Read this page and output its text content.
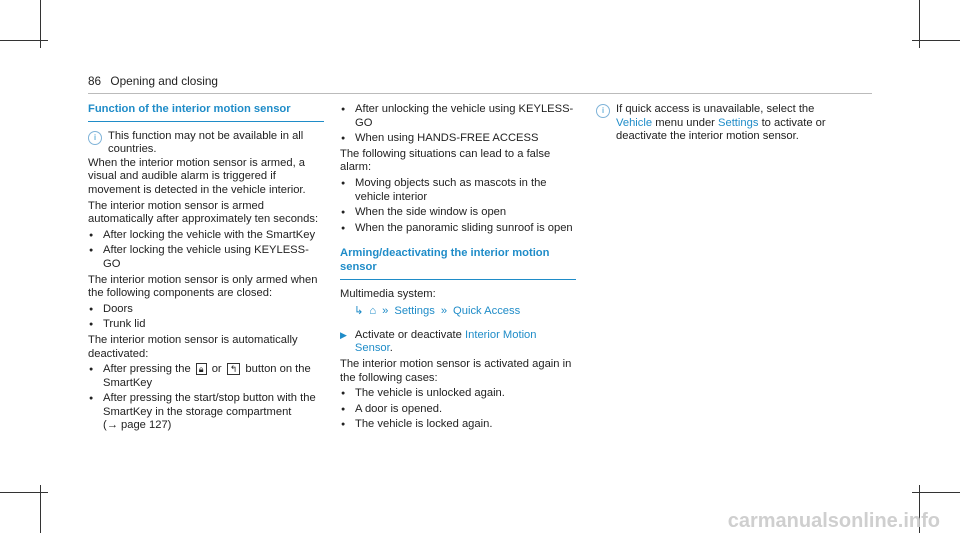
86 Opening and closing
Function of the interior motion sensor
i	This function may not be available in all countries.

When the interior motion sensor is armed, a visual and audible alarm is triggered if movement is detected in the vehicle interior.

The interior motion sensor is armed automatically after approximately ten seconds:

● After locking the vehicle with the SmartKey
● After locking the vehicle using KEYLESS-GO

The interior motion sensor is only armed when the following components are closed:

● Doors
● Trunk lid

The interior motion sensor is automatically deactivated:

● After pressing the 🔒︎ or ↰ button on the SmartKey
● After pressing the start/stop button with the SmartKey in the storage compartment
(→ page 127)
● After unlocking the vehicle using KEYLESS-GO
● When using HANDS-FREE ACCESS

The following situations can lead to a false alarm:

● Moving objects such as mascots in the vehicle interior
● When the side window is open
● When the panoramic sliding sunroof is open
Arming/deactivating the interior motion sensor

Multimedia system:

↳ ⌂ » Settings » Quick Access
▶ Activate or deactivate Interior Motion Sensor.

The interior motion sensor is activated again in the following cases:

● The vehicle is unlocked again.
● A door is opened.
● The vehicle is locked again.
i	If quick access is unavailable, select the Vehicle menu under Settings to activate or deactivate the interior motion sensor.
carmanualsonline.info
